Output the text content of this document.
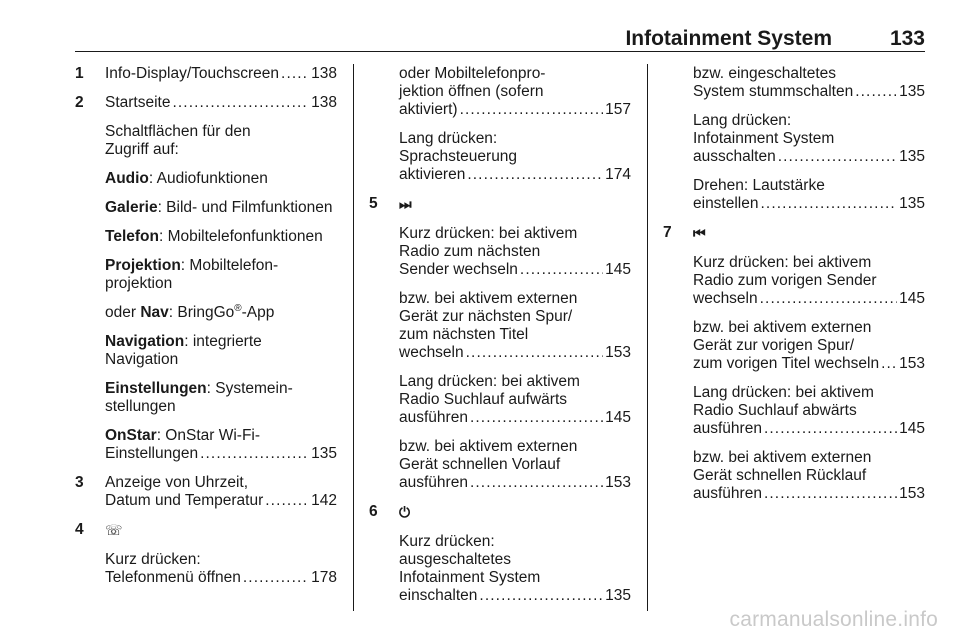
Infotainment System	133
1	Info-Display/Touchscreen . . . 138
2	Startseite . . .	138
Schaltflächen für den
Zugriff auf:
Audio: Audiofunktionen
Galerie: Bild- und Filmfunktionen
Telefon: Mobiltelefonfunktionen
Projektion: Mobiltelefon-
projektion
oder Nav: BringGo®-App
Navigation: integrierte
Navigation
Einstellungen: Systemein-
stellungen
OnStar: OnStar Wi-Fi-
Einstellungen . . .	135
3	Anzeige von Uhrzeit,
Datum und Temperatur . . .	142
4	☏
Kurz drücken:
Telefonmenü öffnen . . .	178
oder Mobiltelefonpro-
jektion öffnen (sofern
aktiviert) . . .	157
Lang drücken:
Sprachsteuerung
aktivieren . . .	174
5	⏭
Kurz drücken: bei aktivem
Radio zum nächsten
Sender wechseln . . .	145
bzw. bei aktivem externen
Gerät zur nächsten Spur/
zum nächsten Titel
wechseln . . .	153
Lang drücken: bei aktivem
Radio Suchlauf aufwärts
ausführen . . .	145
bzw. bei aktivem externen
Gerät schnellen Vorlauf
ausführen . . .	153
6	⏻
Kurz drücken:
ausgeschaltetes
Infotainment System
einschalten . . .	135
bzw. eingeschaltetes
System stummschalten . . .	135
Lang drücken:
Infotainment System
ausschalten . . .	135
Drehen: Lautstärke
einstellen . . .	135
7	⏮
Kurz drücken: bei aktivem
Radio zum vorigen Sender
wechseln . . .	145
bzw. bei aktivem externen
Gerät zur vorigen Spur/
zum vorigen Titel wechseln . . . 153
Lang drücken: bei aktivem
Radio Suchlauf abwärts
ausführen . . .	145
bzw. bei aktivem externen
Gerät schnellen Rücklauf
ausführen . . .	153
carmanualsonline.info
